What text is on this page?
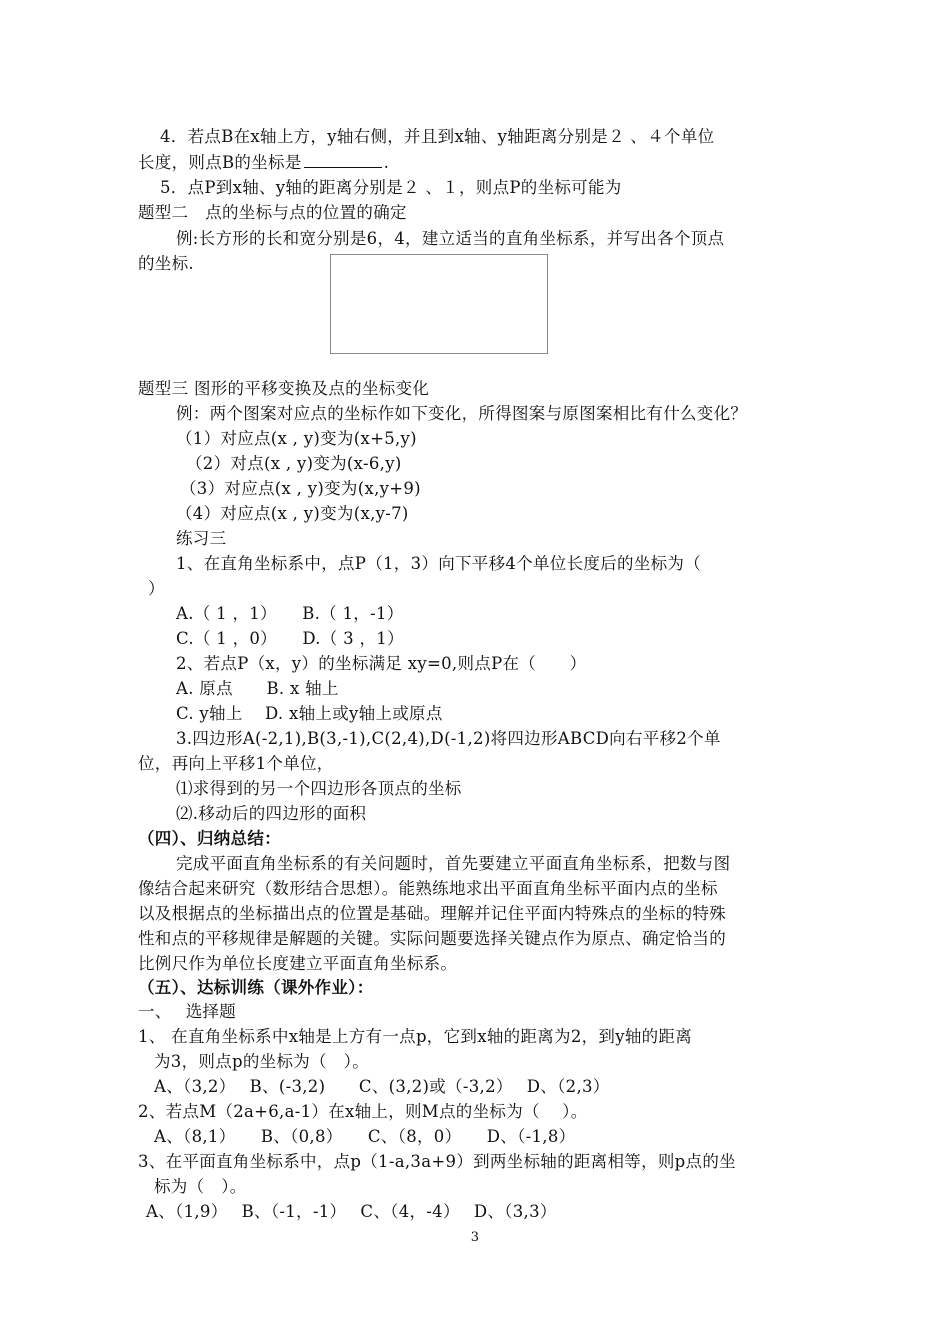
4．若点B在x轴上方，y轴右侧，并且到x轴、y轴距离分别是２ 、４个单位
长度，则点B的坐标是	.
5．点P到x轴、y轴的距离分别是２ 、１，则点P的坐标可能为
题型二　点的坐标与点的位置的确定
例:长方形的长和宽分别是6，4，建立适当的直角坐标系，并写出各个顶点
的坐标.
题型三 图形的平移变换及点的坐标变化
例：两个图案对应点的坐标作如下变化，所得图案与原图案相比有什么变化？
（1）对应点(x , y)变为(x+5,y)
（2）对点(x , y)变为(x-6,y)
（3）对应点(x , y)变为(x,y+9)
（4）对应点(x , y)变为(x,y-7)
练习三
1、在直角坐标系中，点P（1，3）向下平移4个单位长度后的坐标为（
）
A.（ 1 ，1）　　B.（ 1，-1）
C.（ 1 ，0）　　D.（ 3 ，1）
2、若点P（x，y）的坐标满足 xy=0,则点P在（　　）
A. 原点　　B. x 轴上
C. y轴上　 D. x轴上或y轴上或原点
3.四边形A(-2,1),B(3,-1),C(2,4),D(-1,2)将四边形ABCD向右平移2个单
位，再向上平移1个单位，
⑴求得到的另一个四边形各顶点的坐标
⑵.移动后的四边形的面积
（四）、归纳总结：
完成平面直角坐标系的有关问题时，首先要建立平面直角坐标系，把数与图
像结合起来研究（数形结合思想）。能熟练地求出平面直角坐标平面内点的坐标
以及根据点的坐标描出点的位置是基础。理解并记住平面内特殊点的坐标的特殊
性和点的平移规律是解题的关键。实际问题要选择关键点作为原点、确定恰当的
比例尺作为单位长度建立平面直角坐标系。
（五）、达标训练（课外作业）：
一、　 选择题
1、 在直角坐标系中x轴是上方有一点p，它到x轴的距离为2，到y轴的距离
为3，则点p的坐标为（　）。
A、（3,2）　 B、(-3,2)　　C、(3,2)或（-3,2）　 D、（2,3）
2、若点M（2a+6,a-1）在x轴上，则M点的坐标为（　 ）。
A、（8,1）　　B、（0,8）　　C、（8，0）　　D、（-1,8）
3、在平面直角坐标系中，点p（1-a,3a+9）到两坐标轴的距离相等，则p点的坐
标为（　）。
A、（1,9）　 B、（-1，-1）　 C、（4，-4）　 D、（3,3）
3
